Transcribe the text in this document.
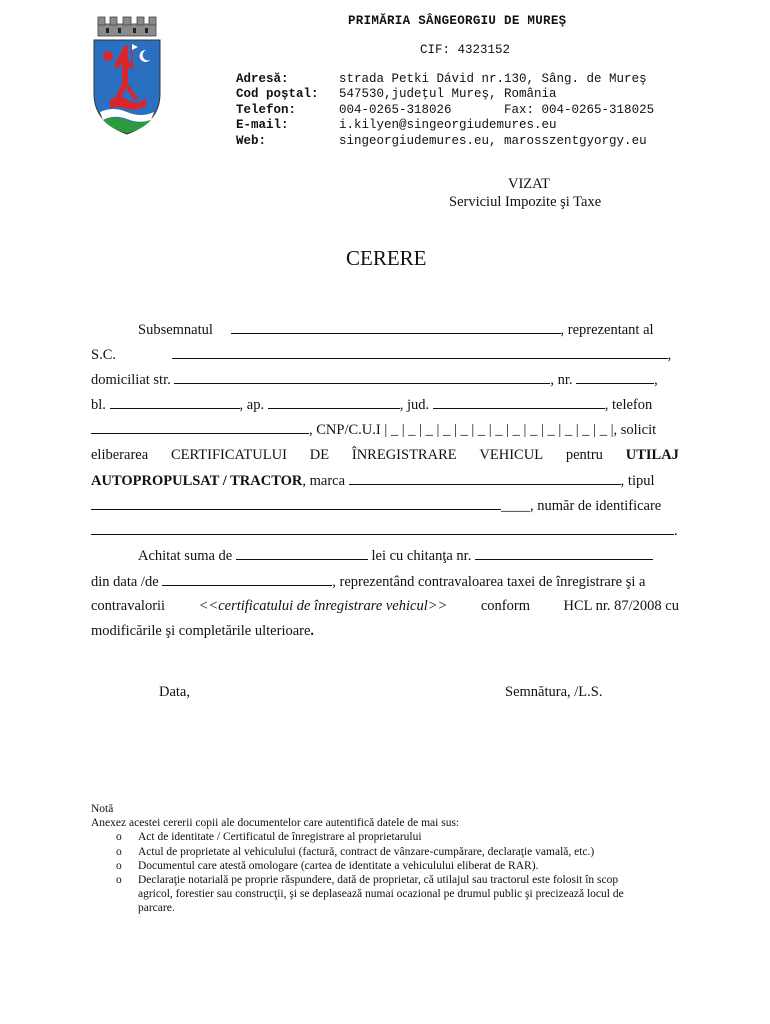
PRIMĂRIA SÂNGEORGIU DE MUREŞ
CIF: 4323152

Adresă:	strada Petki Dávid nr.130, Sâng. de Mureş

Cod poştal: 547530,judeţul Mureş, România

Telefon:	004-0265-318026       Fax: 004-0265-318025

E-mail:	i.kilyen@singeorgiudemures.eu

Web:	singeorgiudemures.eu, marosszentgyorgy.eu

VIZAT
Serviciul Impozite şi Taxe
CERERE
Subsemnatul	, reprezentant al
S.C.	,
domiciliat str.	, nr.	,
bl.	, ap.	, jud.	, telefon
, CNP/C.U.I | _ | _ | _ | _ | _ | _ | _ | _ | _ | _ | _ | _ | _ |, solicit
eliberarea CERTIFICATULUI DE ÎNREGISTRARE VEHICUL pentru UTILAJ
AUTOPROPULSAT / TRACTOR, marca	, tipul
____, număr de identificare
.
Achitat suma de	lei cu chitanţa nr.
din data /de	, reprezentând contravaloarea taxei de înregistrare şi a
contravalorii <<certificatului de înregistrare vehicul>> conform HCL nr. 87/2008 cu
modificările şi completările ulterioare.
Data,	Semnătura, /L.S.
Notă
Anexez acestei cererii copii ale documentelor care autentifică datele de mai sus:
o Act de identitate / Certificatul de înregistrare al proprietarului
o Actul de proprietate al vehiculului (factură, contract de vânzare-cumpărare, declaraţie vamală, etc.)
o Documentul care atestă omologare (cartea de identitate a vehiculului eliberat de RAR).
o Declaraţie notarială pe proprie răspundere, dată de proprietar, că utilajul sau tractorul este folosit în scop
agricol, forestier sau construcţii, şi se deplasează numai ocazional pe drumul public şi precizează locul de
parcare.
